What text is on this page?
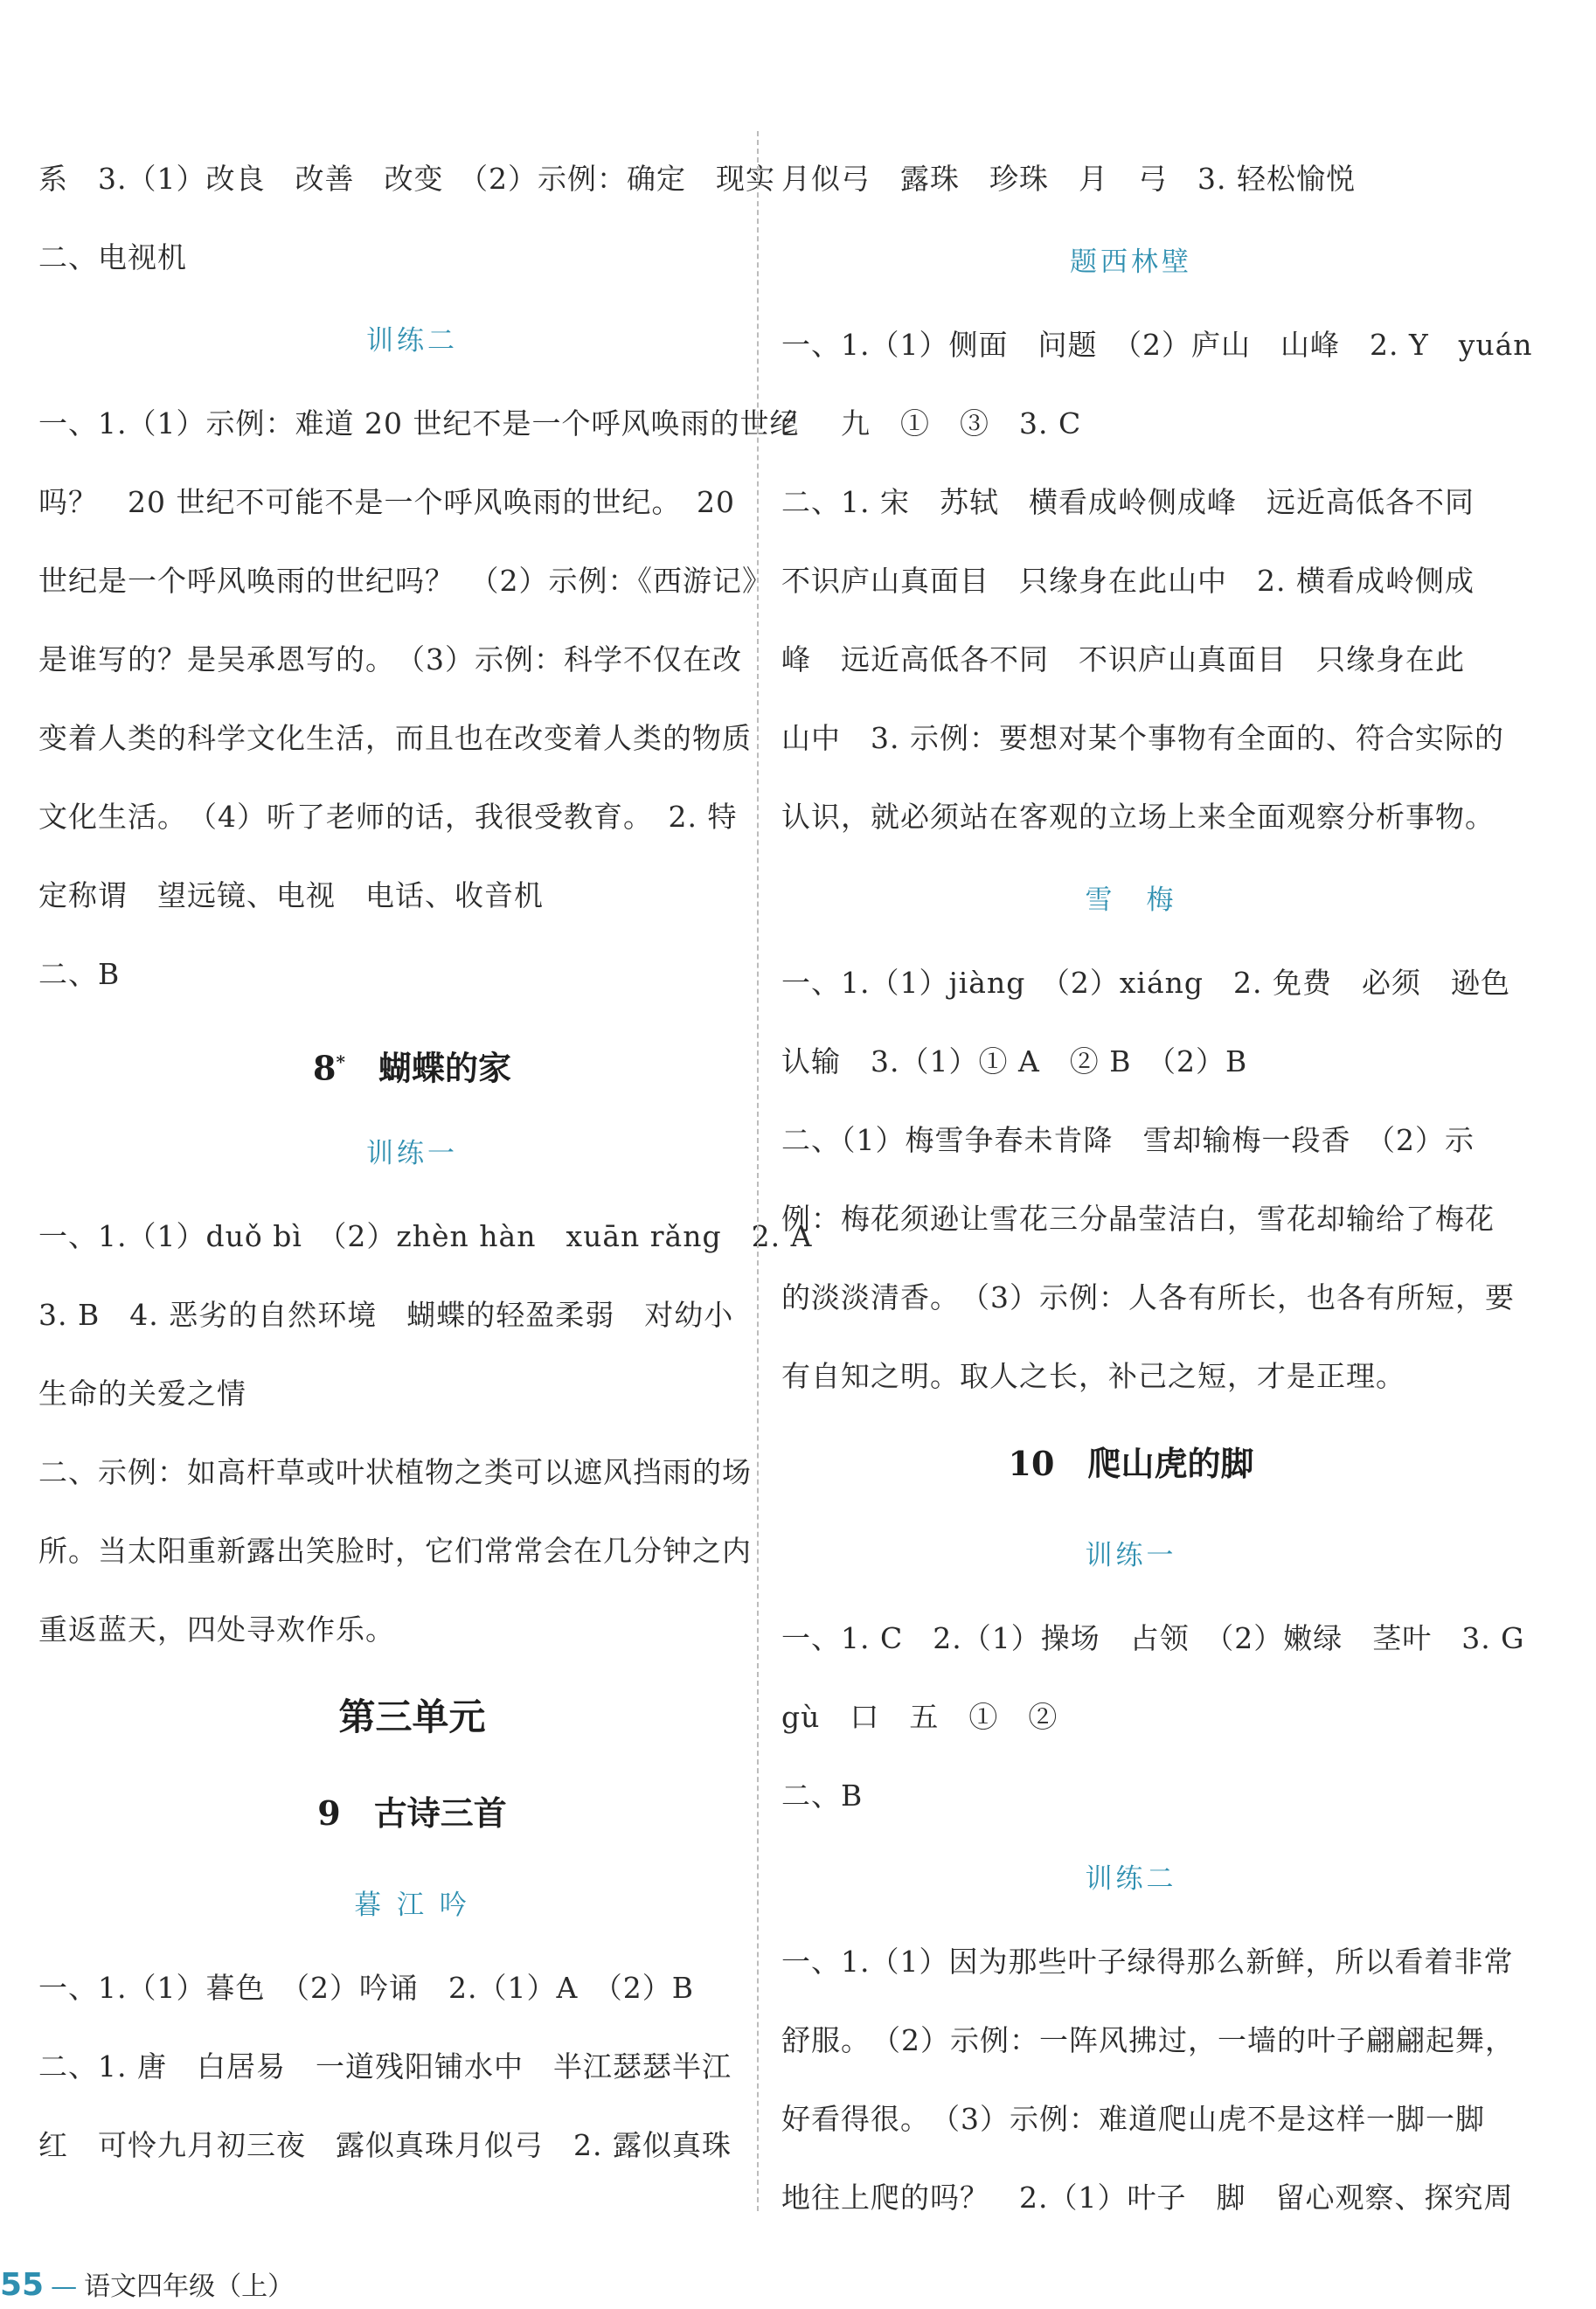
系　3.（1）改良　改善　改变　（2）示例：确定　现实
二、电视机
训练二
一、1.（1）示例：难道 20 世纪不是一个呼风唤雨的世纪
吗？　20 世纪不可能不是一个呼风唤雨的世纪。　20
世纪是一个呼风唤雨的世纪吗？　（2）示例：《西游记》
是谁写的？是吴承恩写的。　（3）示例：科学不仅在改
变着人类的科学文化生活，而且也在改变着人类的物质
文化生活。　（4）听了老师的话，我很受教育。　2. 特
定称谓　望远镜、电视　电话、收音机
二、B
8*　 蝴蝶的家
训练一
一、1.（1）duǒ bì　（2）zhèn hàn　xuān rǎng　2. A
3. B　4. 恶劣的自然环境　蝴蝶的轻盈柔弱　对幼小
生命的关爱之情
二、示例：如高杆草或叶状植物之类可以遮风挡雨的场
所。当太阳重新露出笑脸时，它们常常会在几分钟之内
重返蓝天，四处寻欢作乐。
第三单元
9　 古诗三首
暮 江 吟
一、1.（1）暮色　（2）吟诵　2.（1）A　（2）B
二、1. 唐　白居易　一道残阳铺水中　半江瑟瑟半江
红　可怜九月初三夜　露似真珠月似弓　2. 露似真珠
月似弓　露珠　珍珠　月　弓　3. 轻松愉悦
题西林壁
一、1.（1）侧面　问题　（2）庐山　山峰　2. Y　yuán
纟　九　①　③　3. C
二、1. 宋　苏轼　横看成岭侧成峰　远近高低各不同
不识庐山真面目　只缘身在此山中　2. 横看成岭侧成
峰　远近高低各不同　不识庐山真面目　只缘身在此
山中　3. 示例：要想对某个事物有全面的、符合实际的
认识，就必须站在客观的立场上来全面观察分析事物。
雪　梅
一、1.（1）jiàng　（2）xiáng　2. 免费　必须　逊色
认输　3.（1）① A　② B　（2）B
二、（1）梅雪争春未肯降　雪却输梅一段香　（2）示
例：梅花须逊让雪花三分晶莹洁白，雪花却输给了梅花
的淡淡清香。　（3）示例：人各有所长，也各有所短，要
有自知之明。取人之长，补己之短，才是正理。
10　 爬山虎的脚
训练一
一、1. C　2.（1）操场　占领　（2）嫩绿　茎叶　3. G
gù　口　五　①　②
二、B
训练二
一、1.（1）因为那些叶子绿得那么新鲜，所以看着非常
舒服。　（2）示例：一阵风拂过，一墙的叶子翩翩起舞，
好看得很。　（3）示例：难道爬山虎不是这样一脚一脚
地往上爬的吗？　2.（1）叶子　脚　留心观察、探究周
55 — 语文四年级（上）
